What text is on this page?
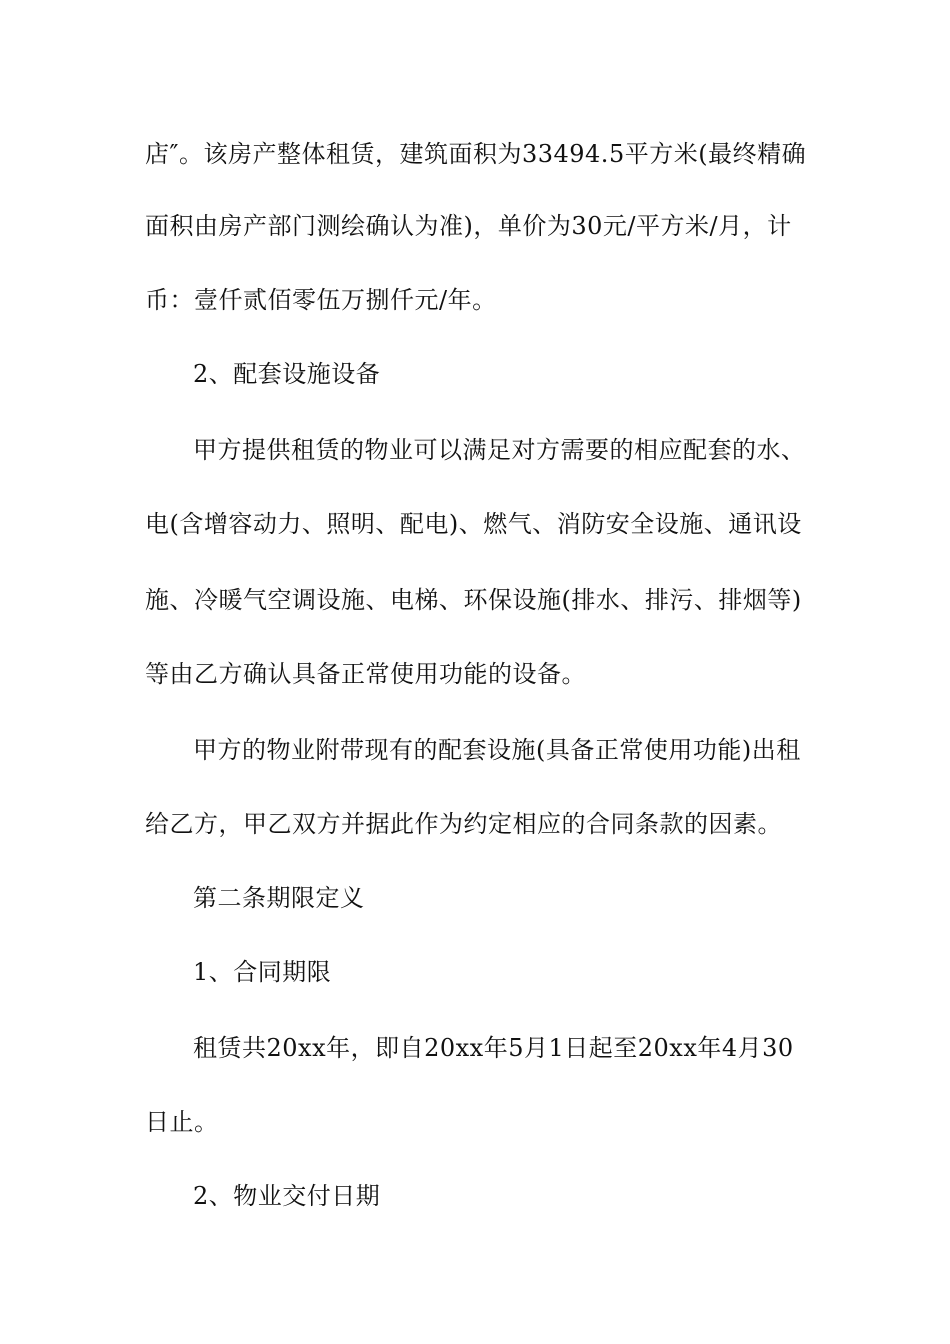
店″。该房产整体租赁，建筑面积为33494.5平方米(最终精确
面积由房产部门测绘确认为准)，单价为30元/平方米/月，计
币：壹仟贰佰零伍万捌仟元/年。
2、配套设施设备
甲方提供租赁的物业可以满足对方需要的相应配套的水、
电(含增容动力、照明、配电)、燃气、消防安全设施、通讯设
施、冷暖气空调设施、电梯、环保设施(排水、排污、排烟等)
等由乙方确认具备正常使用功能的设备。
甲方的物业附带现有的配套设施(具备正常使用功能)出租
给乙方，甲乙双方并据此作为约定相应的合同条款的因素。
第二条期限定义
1、合同期限
租赁共20xx年，即自20xx年5月1日起至20xx年4月30
日止。
2、物业交付日期
